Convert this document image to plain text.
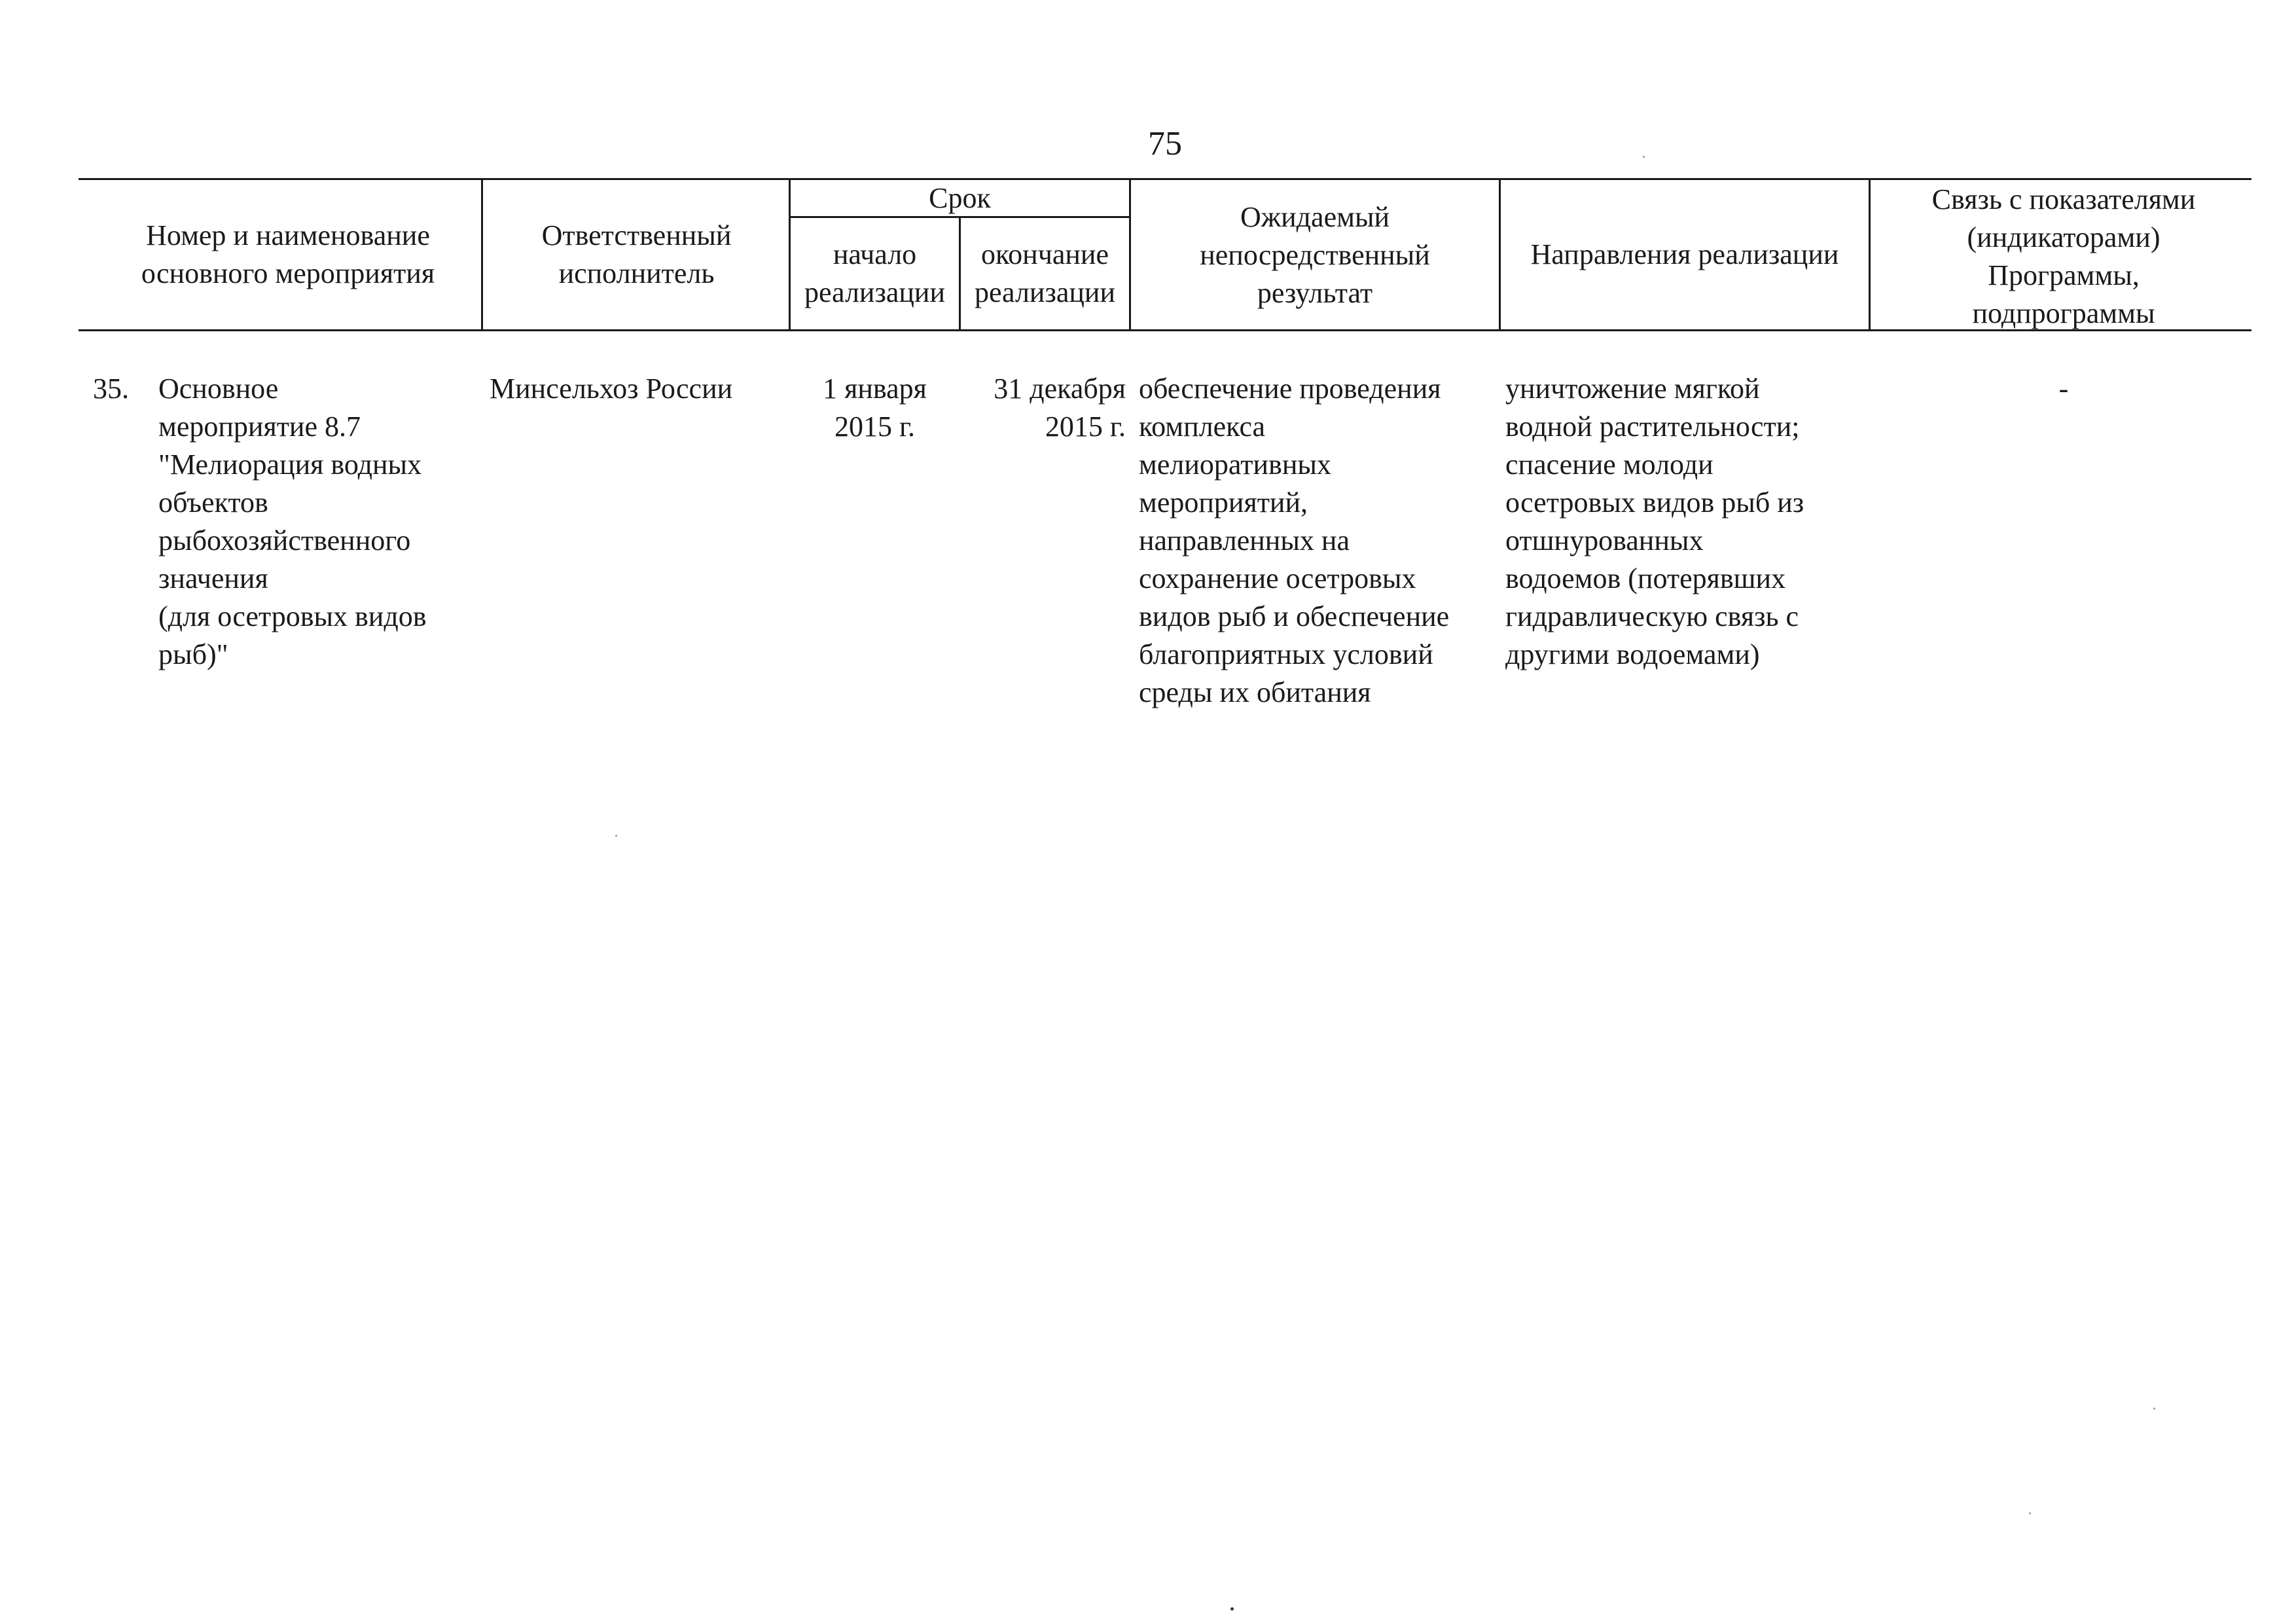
75
Номер и наименование
основного мероприятия
Ответственный
исполнитель
Срок
начало
реализации
окончание
реализации
Ожидаемый
непосредственный
результат
Направления реализации
Связь с показателями
(индикаторами)
Программы,
подпрограммы
35.	Основное
мероприятие 8.7
"Мелиорация водных
объектов
рыбохозяйственного
значения
(для осетровых видов
рыб)"
Минсельхоз России	1 января
2015 г.
31 декабря
2015 г.
обеспечение проведения
комплекса
мелиоративных
мероприятий,
направленных на
сохранение осетровых
видов рыб и обеспечение
благоприятных условий
среды их обитания
уничтожение мягкой
водной растительности;
спасение молоди
осетровых видов рыб из
отшнурованных
водоемов (потерявших
гидравлическую связь с
другими водоемами)
-
